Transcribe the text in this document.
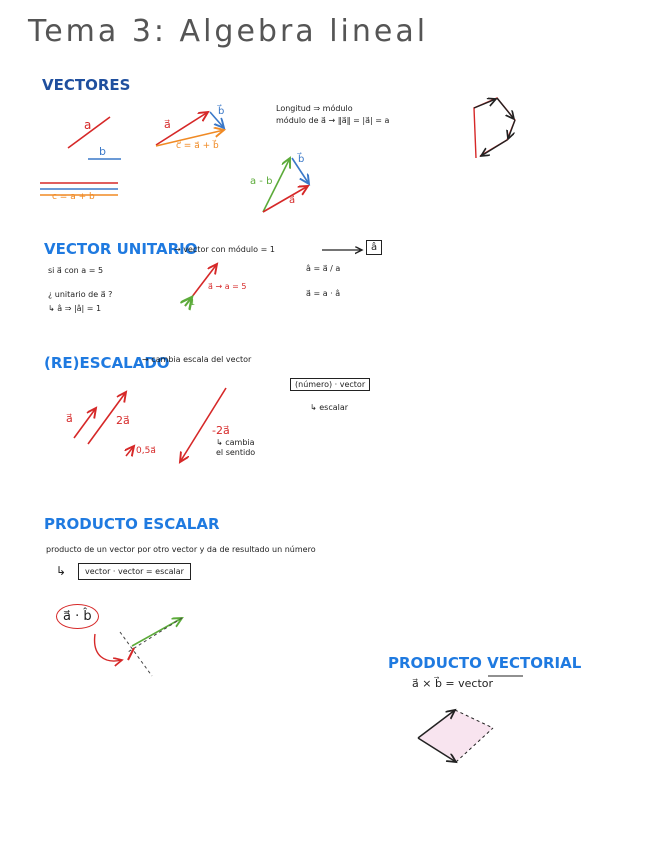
Tema 3: Algebra lineal
VECTORES
a
b
c = a + b
a⃗
b⃗
c⃗ = a⃗ + b⃗
Longitud ⇒ módulo
módulo de a⃗ → ‖a⃗‖ = |a⃗| = a
a - b
b⃗
a⃗
VECTOR UNITARIO
→ vector con módulo = 1	â
si a⃗ con a = 5
¿ unitario de a⃗ ?
↳ â ⇒ |â| = 1
a⃗ → a = 5
1
â = a⃗ / a
a⃗ = a · â
(RE)ESCALADO
→ cambia escala del vector
(número) · vector
↳ escalar
a⃗	2a⃗
0,5a⃗
-2a⃗
↳ cambia
el sentido
PRODUCTO ESCALAR
producto de un vector por otro vector y da de resultado un número
↳	vector · vector = escalar
a⃗ · b̂
PRODUCTO VECTORIAL
a⃗ × b⃗ = vector
